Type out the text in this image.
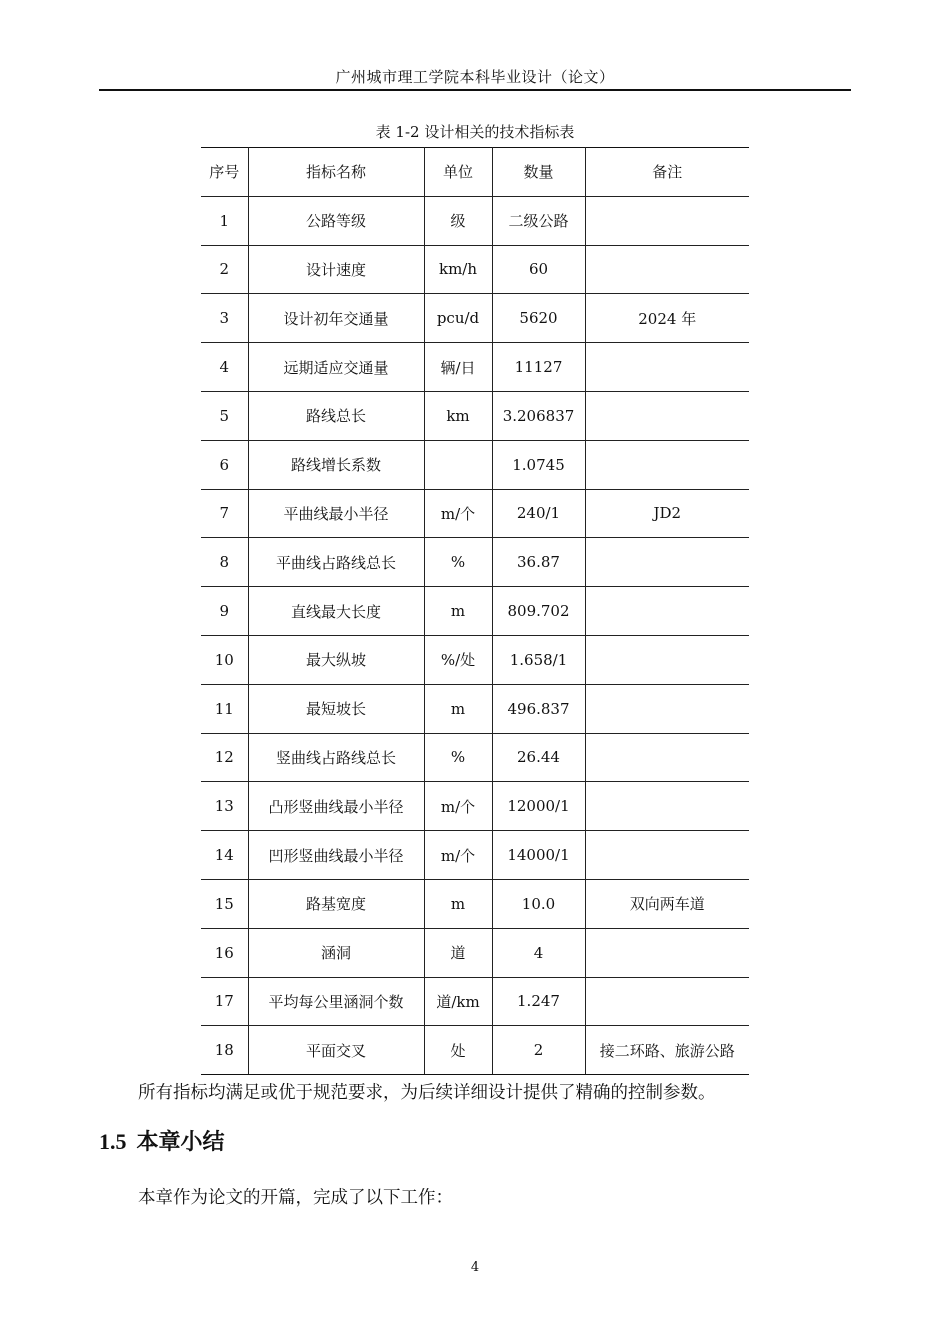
广州城市理工学院本科毕业设计（论文）
表 1-2 设计相关的技术指标表
序号	指标名称	单位	数量	备注
1	公路等级	级	二级公路	
2	设计速度	km/h	60	
3	设计初年交通量	pcu/d	5620	2024 年
4	远期适应交通量	辆/日	11127	
5	路线总长	km	3.206837	
6	路线增长系数		1.0745	
7	平曲线最小半径	m/个	240/1	JD2
8	平曲线占路线总长	%	36.87	
9	直线最大长度	m	809.702	
10	最大纵坡	%/处	1.658/1	
11	最短坡长	m	496.837	
12	竖曲线占路线总长	%	26.44	
13	凸形竖曲线最小半径	m/个	12000/1	
14	凹形竖曲线最小半径	m/个	14000/1	
15	路基宽度	m	10.0	双向两车道
16	涵洞	道	4	
17	平均每公里涵洞个数	道/km	1.247	
18	平面交叉	处	2	接二环路、旅游公路
所有指标均满足或优于规范要求，为后续详细设计提供了精确的控制参数。
1.5 本章小结
本章作为论文的开篇，完成了以下工作：
4
